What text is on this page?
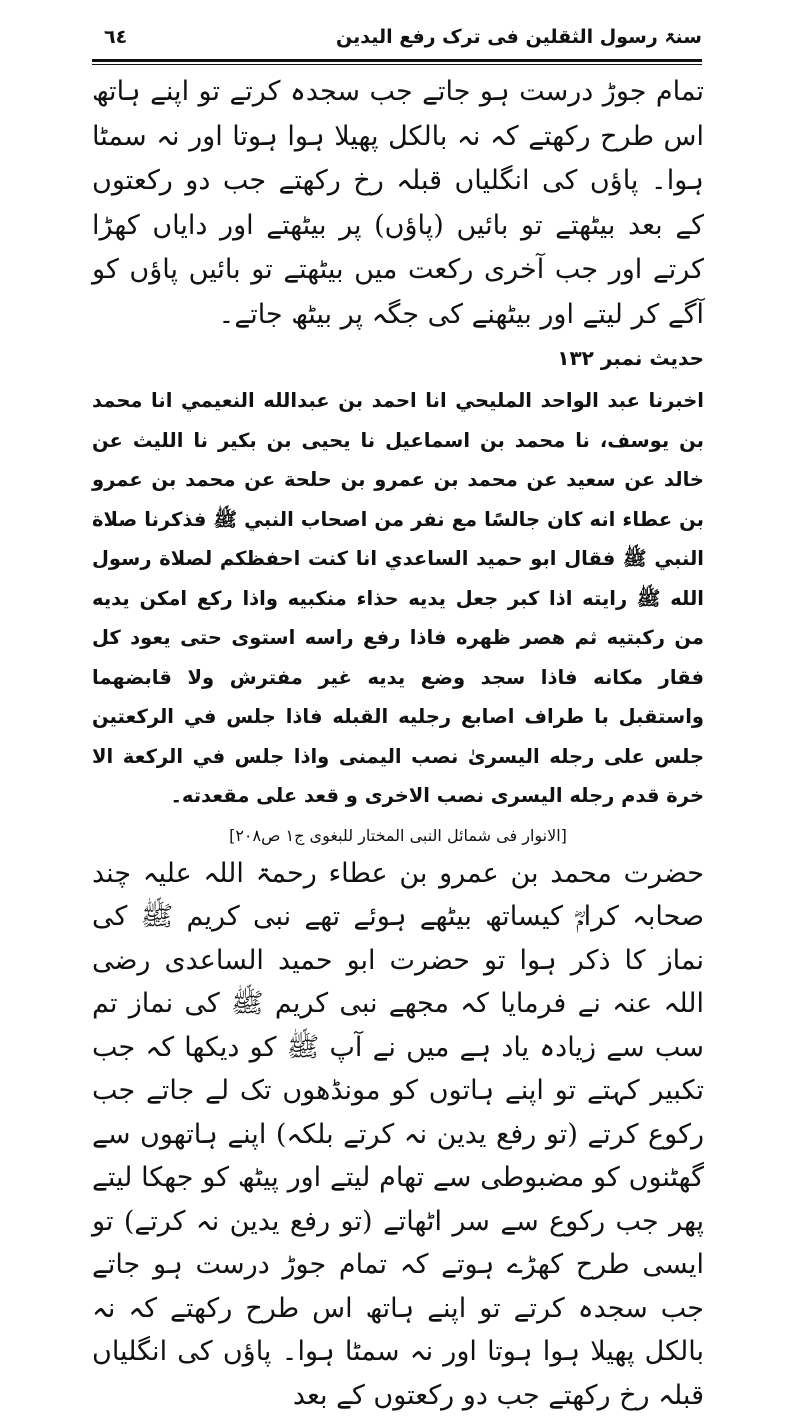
سنۃ رسول الثقلین فی ترک رفع الیدین
٦٤

تمام جوڑ درست ہو جاتے جب سجدہ کرتے تو اپنے ہاتھ اس طرح رکھتے کہ نہ بالکل پھیلا ہوا ہوتا اور نہ سمٹا ہوا۔ پاؤں کی انگلیاں قبلہ رخ رکھتے جب دو رکعتوں کے بعد بیٹھتے تو بائیں (پاؤں) پر بیٹھتے اور دایاں کھڑا کرتے اور جب آخری رکعت میں بیٹھتے تو بائیں پاؤں کو آگے کر لیتے اور بیٹھنے کی جگہ پر بیٹھ جاتے۔

حدیث نمبر ۱۳۲

اخبرنا عبد الواحد المليحي انا احمد بن عبدالله النعيمي انا محمد بن يوسف، نا محمد بن اسماعيل نا يحيى بن بكير نا الليث عن خالد عن سعيد عن محمد بن عمرو بن حلحة عن محمد بن عمرو بن عطاء انه كان جالسًا مع نفر من اصحاب النبي ﷺ فذكرنا صلاة النبي ﷺ فقال ابو حميد الساعدي انا كنت احفظكم لصلاة رسول الله ﷺ رايته اذا كبر جعل يديه حذاء منكبيه واذا ركع امكن يديه من ركبتيه ثم هصر ظهره فاذا رفع راسه استوى حتى يعود كل فقار مكانه فاذا سجد وضع يديه غير مفترش ولا قابضهما واستقبل با طراف اصابع رجليه القبله فاذا جلس في الركعتين جلس على رجله اليسرىٰ نصب اليمنى واذا جلس في الركعة الا خرة قدم رجله اليسرى نصب الاخرى و قعد على مقعدته۔

[الانوار فی شمائل النبی المختار للبغوی ج۱ ص۲۰۸]

حضرت محمد بن عمرو بن عطاء رحمۃ اللہ علیہ چند صحابہ کرامؓ کیساتھ بیٹھے ہوئے تھے نبی کریم ﷺ کی نماز کا ذکر ہوا تو حضرت ابو حمید الساعدی رضی اللہ عنہ نے فرمایا کہ مجھے نبی کریم ﷺ کی نماز تم سب سے زیادہ یاد ہے میں نے آپ ﷺ کو دیکھا کہ جب تکبیر کہتے تو اپنے ہاتوں کو مونڈھوں تک لے جاتے جب رکوع کرتے (تو رفع یدین نہ کرتے بلکہ) اپنے ہاتھوں سے گھٹنوں کو مضبوطی سے تھام لیتے اور پیٹھ کو جھکا لیتے پھر جب رکوع سے سر اٹھاتے (تو رفع یدین نہ کرتے) تو ایسی طرح کھڑے ہوتے کہ تمام جوڑ درست ہو جاتے جب سجدہ کرتے تو اپنے ہاتھ اس طرح رکھتے کہ نہ بالکل پھیلا ہوا ہوتا اور نہ سمٹا ہوا۔ پاؤں کی انگلیاں قبلہ رخ رکھتے جب دو رکعتوں کے بعد
